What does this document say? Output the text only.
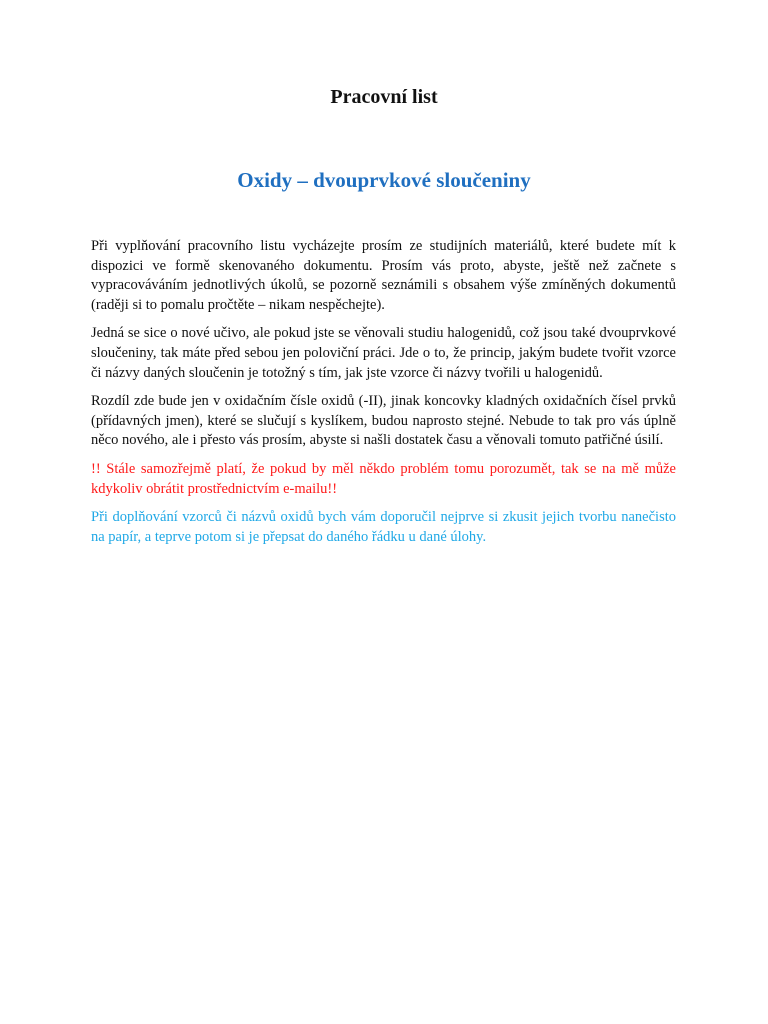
Pracovní list
Oxidy – dvouprvkové sloučeniny

Při vyplňování pracovního listu vycházejte prosím ze studijních materiálů, které budete mít k dispozici ve formě skenovaného dokumentu. Prosím vás proto, abyste, ještě než začnete s vypracováváním jednotlivých úkolů, se pozorně seznámili s obsahem výše zmíněných dokumentů (raději si to pomalu pročtěte – nikam nespěchejte).

Jedná se sice o nové učivo, ale pokud jste se věnovali studiu halogenidů, což jsou také dvouprvkové sloučeniny, tak máte před sebou jen poloviční práci. Jde o to, že princip, jakým budete tvořit vzorce či názvy daných sloučenin je totožný s tím, jak jste vzorce či názvy tvořili u halogenidů.

Rozdíl zde bude jen v oxidačním čísle oxidů (-II), jinak koncovky kladných oxidačních čísel prvků (přídavných jmen), které se slučují s kyslíkem, budou naprosto stejné. Nebude to tak pro vás úplně něco nového, ale i přesto vás prosím, abyste si našli dostatek času a věnovali tomuto patřičné úsilí.

!! Stále samozřejmě platí, že pokud by měl někdo problém tomu porozumět, tak se na mě může kdykoliv obrátit prostřednictvím e-mailu!!

Při doplňování vzorců či názvů oxidů bych vám doporučil nejprve si zkusit jejich tvorbu nanečisto na papír, a teprve potom si je přepsat do daného řádku u dané úlohy.
